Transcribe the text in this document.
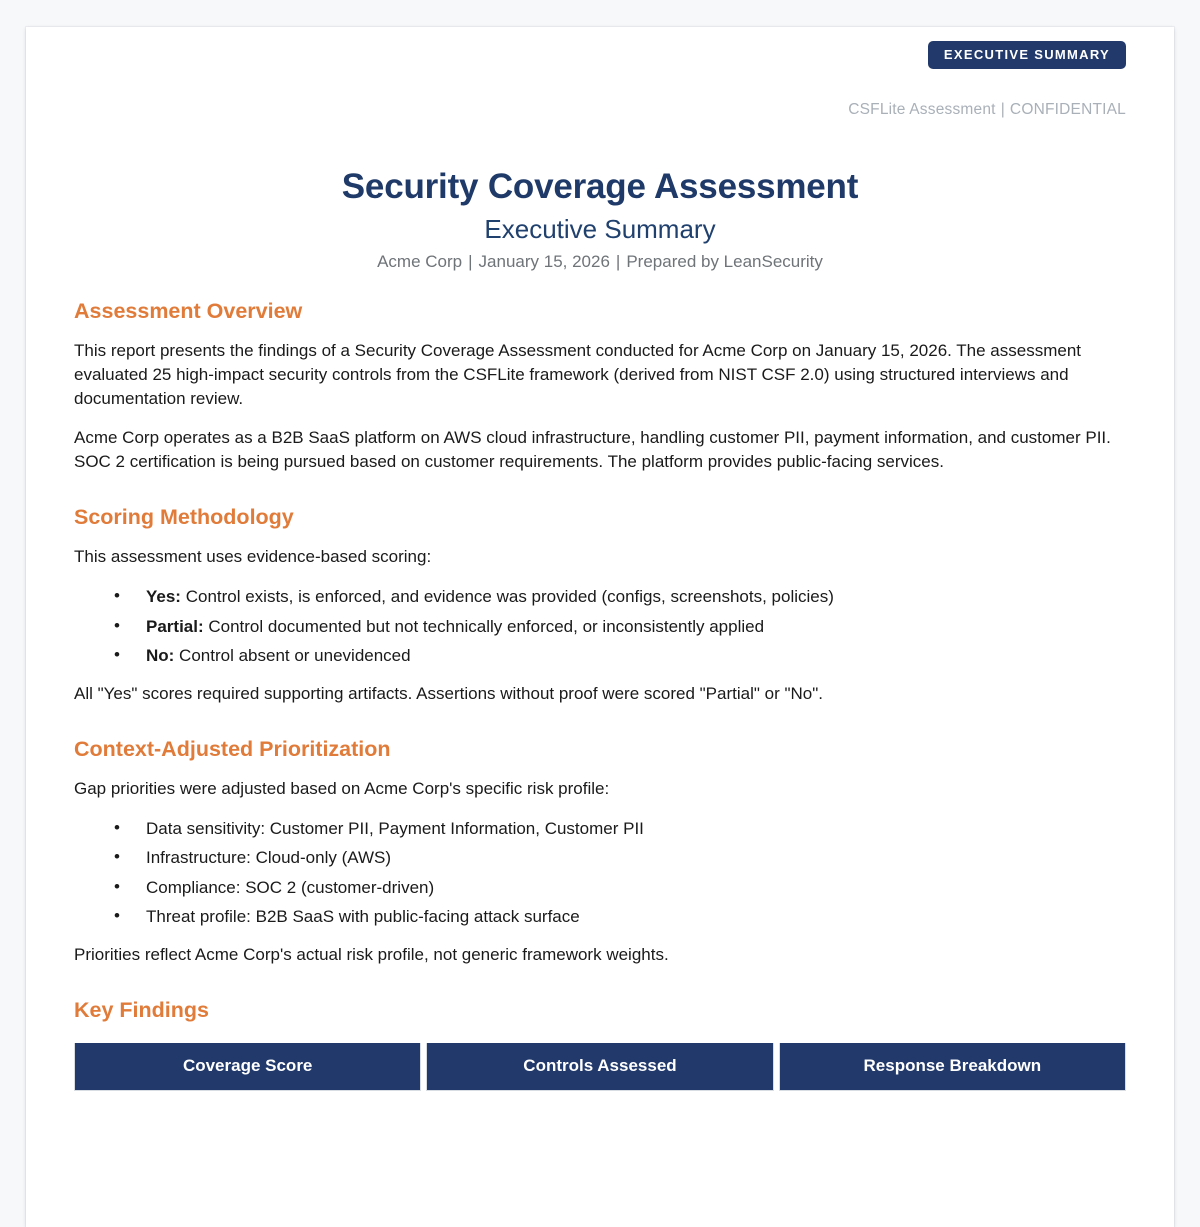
EXECUTIVE SUMMARY
CSFLite Assessment | CONFIDENTIAL
Security Coverage Assessment
Executive Summary
Acme Corp | January 15, 2026 | Prepared by LeanSecurity
Assessment Overview

This report presents the findings of a Security Coverage Assessment conducted for Acme Corp on January 15, 2026. The assessment evaluated 25 high-impact security controls from the CSFLite framework (derived from NIST CSF 2.0) using structured interviews and documentation review.

Acme Corp operates as a B2B SaaS platform on AWS cloud infrastructure, handling customer PII, payment information, and customer PII. SOC 2 certification is being pursued based on customer requirements. The platform provides public-facing services.

Scoring Methodology

This assessment uses evidence-based scoring:

• Yes: Control exists, is enforced, and evidence was provided (configs, screenshots, policies)
• Partial: Control documented but not technically enforced, or inconsistently applied
• No: Control absent or unevidenced

All "Yes" scores required supporting artifacts. Assertions without proof were scored "Partial" or "No".

Context-Adjusted Prioritization

Gap priorities were adjusted based on Acme Corp's specific risk profile:

• Data sensitivity: Customer PII, Payment Information, Customer PII
• Infrastructure: Cloud-only (AWS)
• Compliance: SOC 2 (customer-driven)
• Threat profile: B2B SaaS with public-facing attack surface

Priorities reflect Acme Corp's actual risk profile, not generic framework weights.

Key Findings
Coverage Score	Controls Assessed	Response Breakdown
